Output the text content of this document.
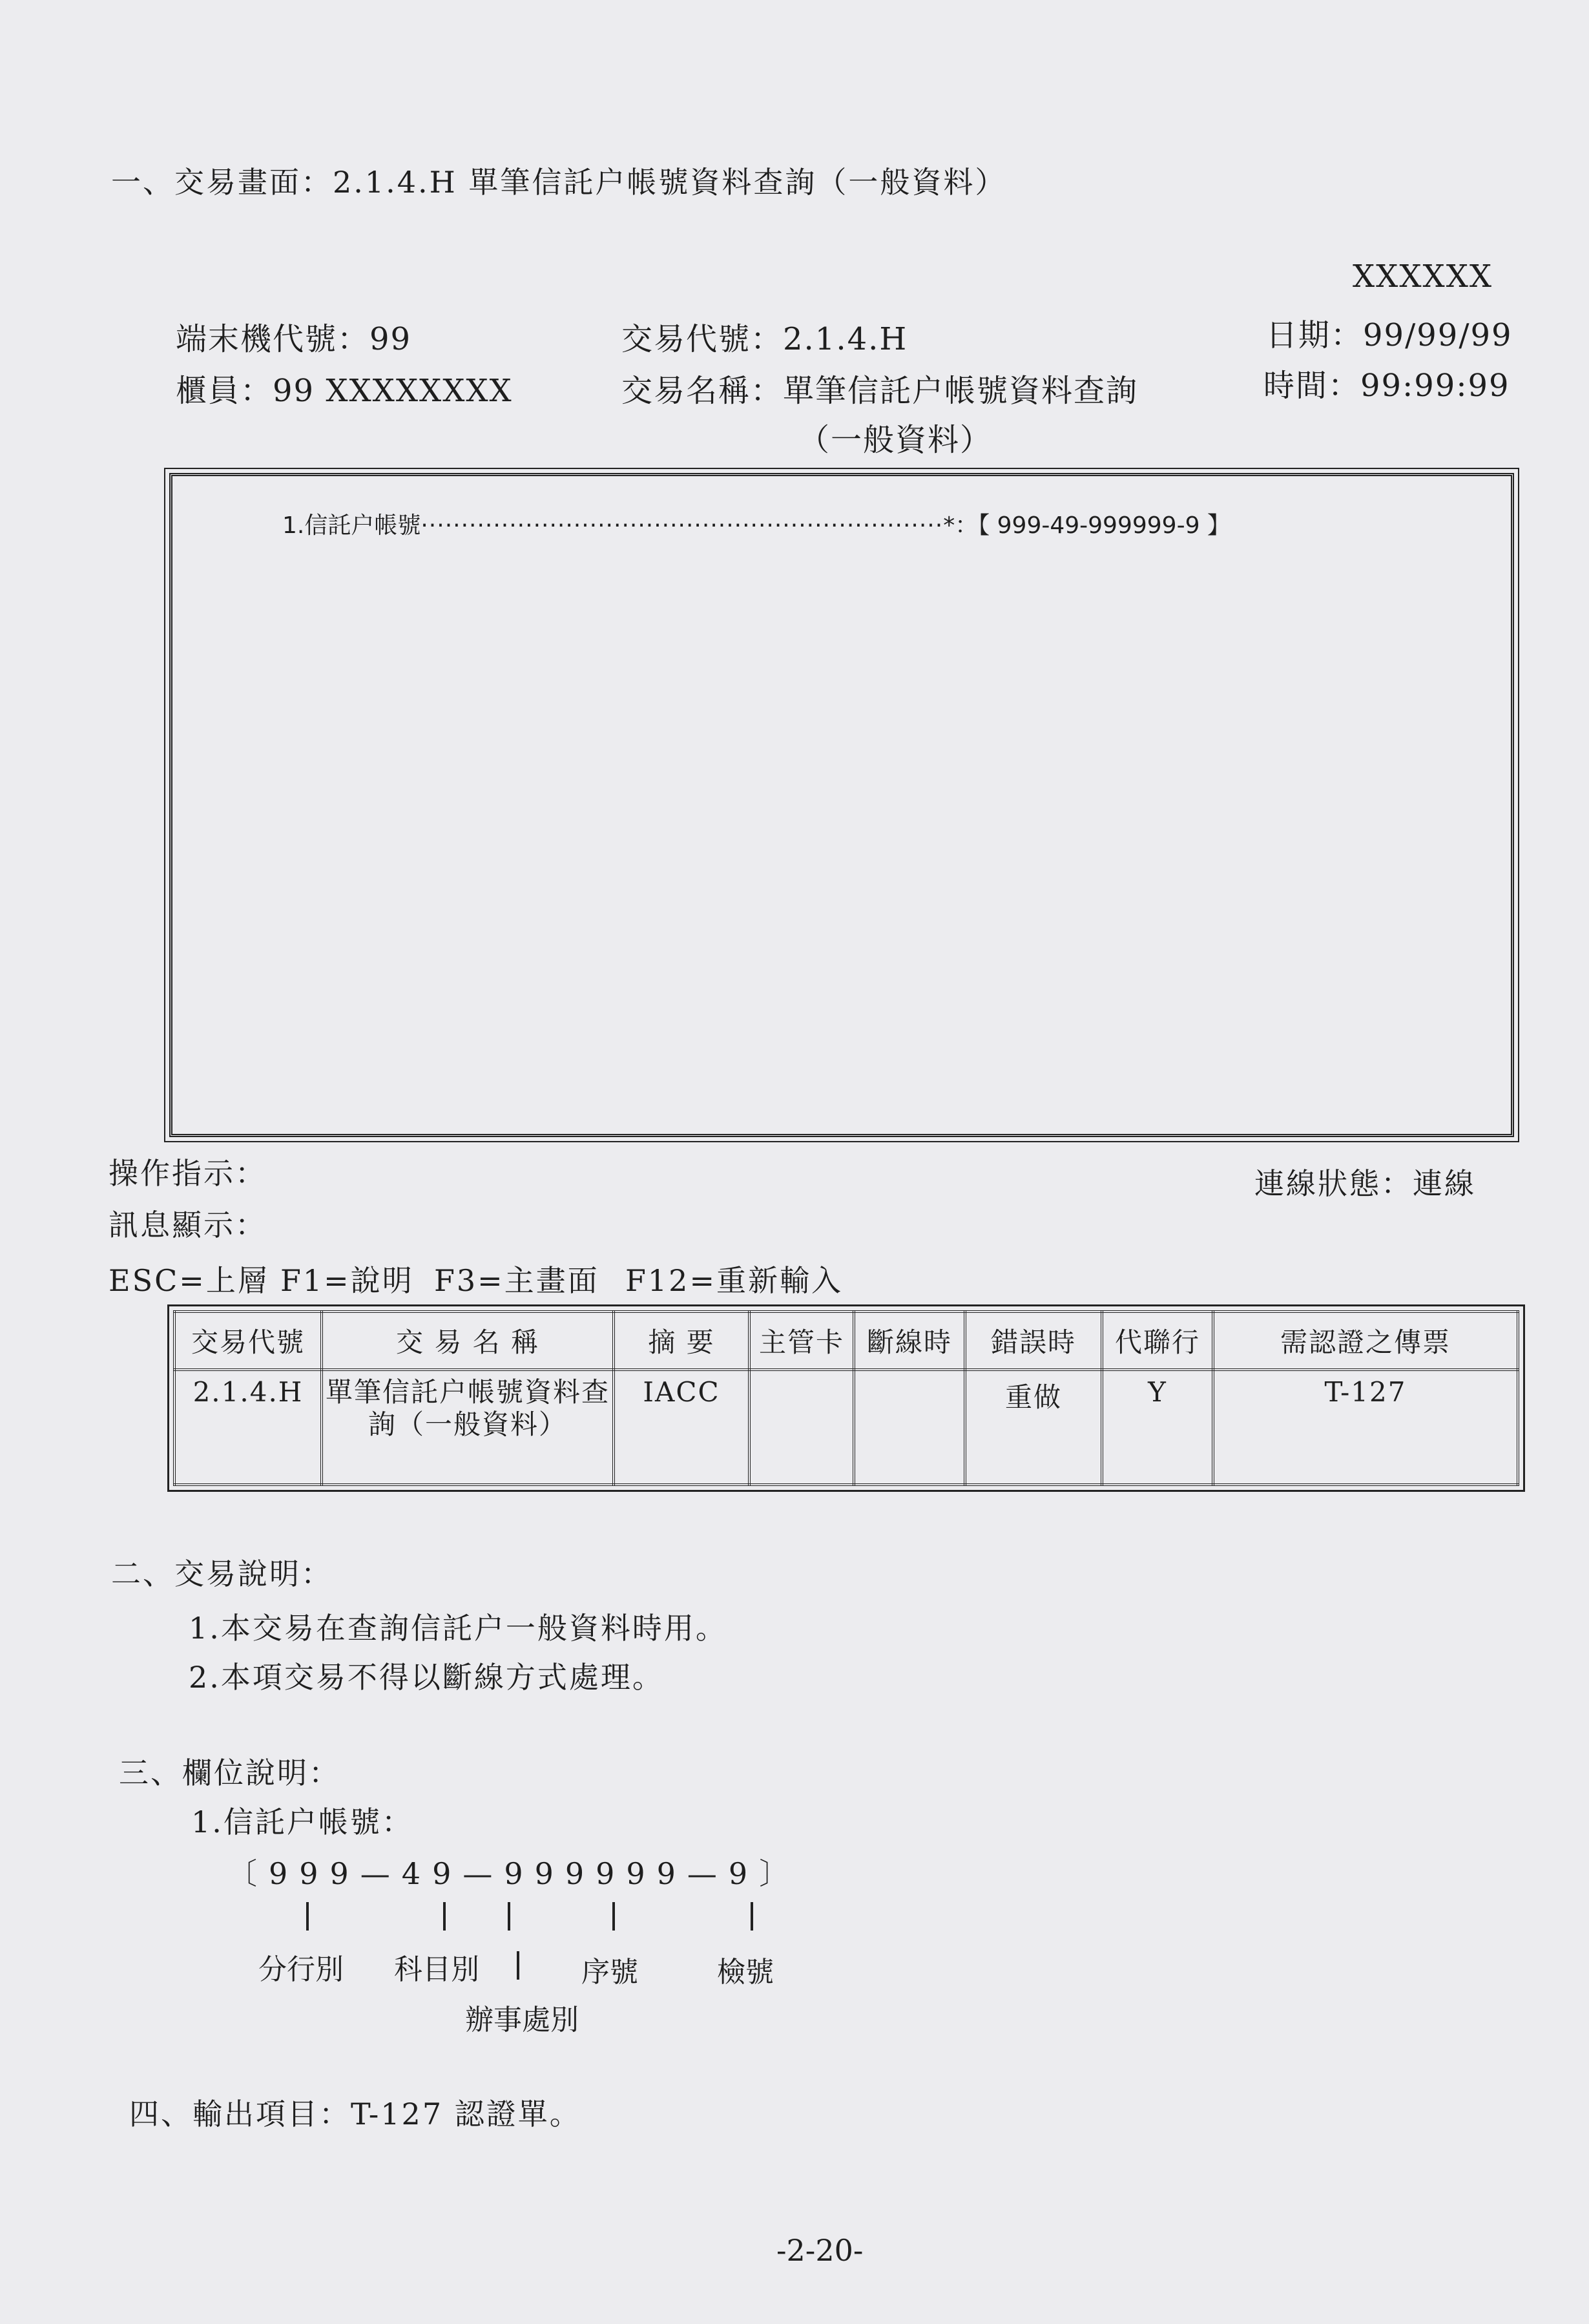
一、交易畫面：2.1.4.H 單筆信託户帳號資料查詢（一般資料）
XXXXXX
端末機代號：99
櫃員：99 XXXXXXXX
交易代號：2.1.4.H
交易名稱：單筆信託户帳號資料查詢
（一般資料）
日期：99/99/99
時間：99:99:99
1.信託户帳號·································································*：【 999-49-999999-9 】
操作指示：
訊息顯示：
連線狀態：連線
ESC=上層 F1=說明 F3=主畫面 F12=重新輸入
交易代號	交 易 名 稱	摘 要	主管卡	斷線時	錯誤時	代聯行	需認證之傳票
2.1.4.H	單筆信託户帳號資料查詢（一般資料）	IACC			重做	Y	T-127
二、交易說明：
1.本交易在查詢信託户一般資料時用。
2.本項交易不得以斷線方式處理。
三、欄位說明：
1.信託户帳號：
〔999—49—999999—9〕
分行別 科目別	序號	檢號
辦事處別
四、輸出項目：T-127 認證單。
-2-20-
